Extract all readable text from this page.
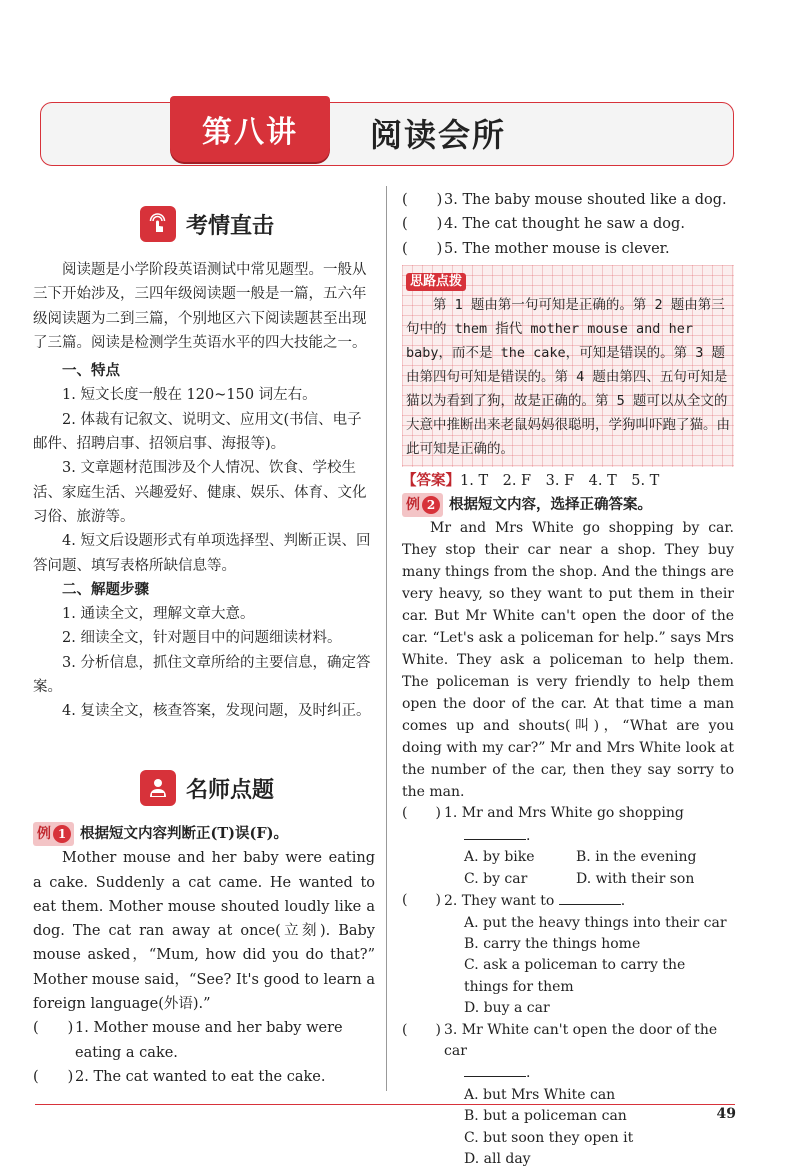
第八讲	阅读会所
考情直击

阅读题是小学阶段英语测试中常见题型。一般从三下开始涉及，三四年级阅读题一般是一篇，五六年级阅读题为二到三篇，个别地区六下阅读题甚至出现了三篇。阅读是检测学生英语水平的四大技能之一。

一、特点

1. 短文长度一般在 120~150 词左右。

2. 体裁有记叙文、说明文、应用文(书信、电子邮件、招聘启事、招领启事、海报等)。

3. 文章题材范围涉及个人情况、饮食、学校生活、家庭生活、兴趣爱好、健康、娱乐、体育、文化习俗、旅游等。

4. 短文后设题形式有单项选择型、判断正误、回答问题、填写表格所缺信息等。

二、解题步骤

1. 通读全文，理解文章大意。

2. 细读全文，针对题目中的问题细读材料。

3. 分析信息，抓住文章所给的主要信息，确定答案。

4. 复读全文，核查答案，发现问题，及时纠正。

名师点题
例 1 根据短文内容判断正(T)误(F)。

Mother mouse and her baby were eating a cake. Suddenly a cat came. He wanted to eat them. Mother mouse shouted loudly like a dog. The cat ran away at once(立刻). Baby mouse asked，“Mum, how did you do that?” Mother mouse said，“See? It's good to learn a foreign language(外语).”

(　　) 1. Mother mouse and her baby were eating a cake.
(　　) 2. The cat wanted to eat the cake.
(　　) 3. The baby mouse shouted like a dog.
(　　) 4. The cat thought he saw a dog.
(　　) 5. The mother mouse is clever.
思路点拨

第 1 题由第一句可知是正确的。第 2 题由第三句中的 them 指代 mother mouse and her baby，而不是 the cake，可知是错误的。第 3 题由第四句可知是错误的。第 4 题由第四、五句可知是猫以为看到了狗，故是正确的。第 5 题可以从全文的大意中推断出来老鼠妈妈很聪明，学狗叫吓跑了猫。由此可知是正确的。

【答案】1. T　2. F　3. F　4. T　5. T

例 2 根据短文内容，选择正确答案。

Mr and Mrs White go shopping by car. They stop their car near a shop. They buy many things from the shop. And the things are very heavy, so they want to put them in their car. But Mr White can't open the door of the car. “Let's ask a policeman for help.” says Mrs White. They ask a policeman to help them. The policeman is very friendly to help them open the door of the car. At that time a man comes up and shouts(叫)，“What are you doing with my car?” Mr and Mrs White look at the number of the car, then they say sorry to the man.

(　　) 1. Mr and Mrs White go shopping
.
A. by bike	B. in the evening
C. by car	D. with their son
(　　) 2. They want to	.
A. put the heavy things into their car
B. carry the things home
C. ask a policeman to carry the things for them
D. buy a car
(　　) 3. Mr White can't open the door of the car
.
A. but Mrs White can
B. but a policeman can
C. but soon they open it
D. all day
49
